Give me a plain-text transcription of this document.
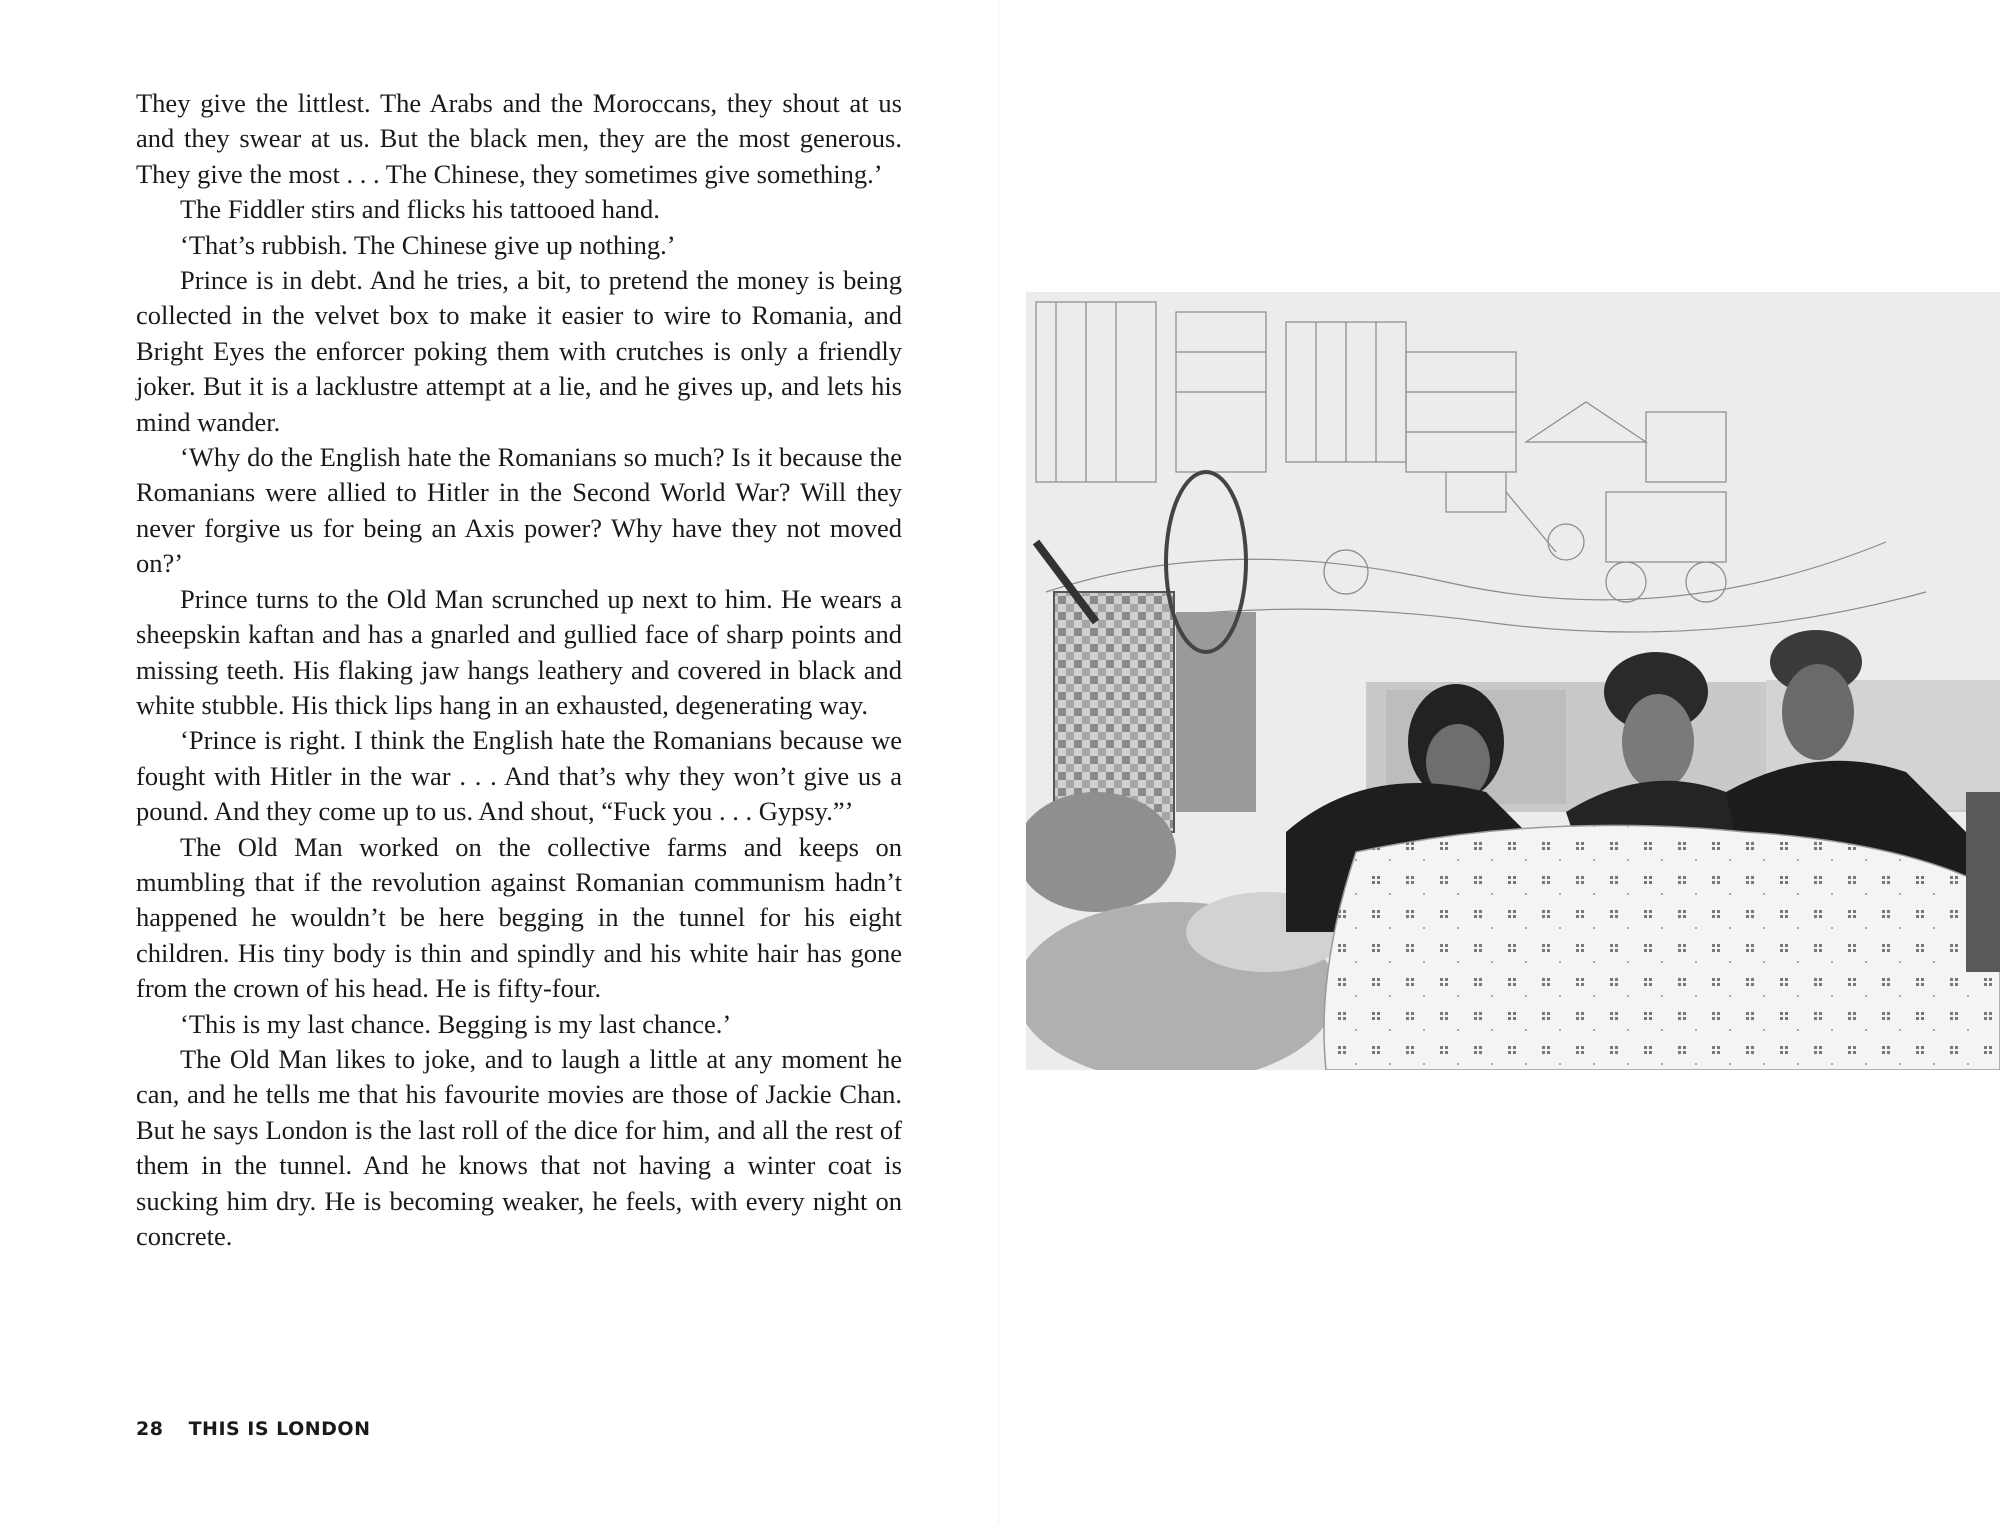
They give the littlest. The Arabs and the Moroccans, they shout at us and they swear at us. But the black men, they are the most generous. They give the most . . . The Chinese, they sometimes give something.’

The Fiddler stirs and flicks his tattooed hand.

‘That’s rubbish. The Chinese give up nothing.’

Prince is in debt. And he tries, a bit, to pretend the money is being collected in the velvet box to make it easier to wire to Romania, and Bright Eyes the enforcer poking them with crutches is only a friendly joker. But it is a lacklustre attempt at a lie, and he gives up, and lets his mind wander.

‘Why do the English hate the Romanians so much? Is it because the Romanians were allied to Hitler in the Second World War? Will they never forgive us for being an Axis power? Why have they not moved on?’

Prince turns to the Old Man scrunched up next to him. He wears a sheepskin kaftan and has a gnarled and gullied face of sharp points and missing teeth. His flaking jaw hangs leathery and covered in black and white stubble. His thick lips hang in an exhausted, degenerating way.

‘Prince is right. I think the English hate the Romanians because we fought with Hitler in the war . . . And that’s why they won’t give us a pound. And they come up to us. And shout, “Fuck you . . . Gypsy.”’

The Old Man worked on the collective farms and keeps on mumbling that if the revolution against Romanian communism hadn’t happened he wouldn’t be here begging in the tunnel for his eight children. His tiny body is thin and spindly and his white hair has gone from the crown of his head. He is fifty-four.

‘This is my last chance. Begging is my last chance.’

The Old Man likes to joke, and to laugh a little at any moment he can, and he tells me that his favourite movies are those of Jackie Chan. But he says London is the last roll of the dice for him, and all the rest of them in the tunnel. And he knows that not having a winter coat is sucking him dry. He is becoming weaker, he feels, with every night on concrete.

28 THIS IS LONDON
